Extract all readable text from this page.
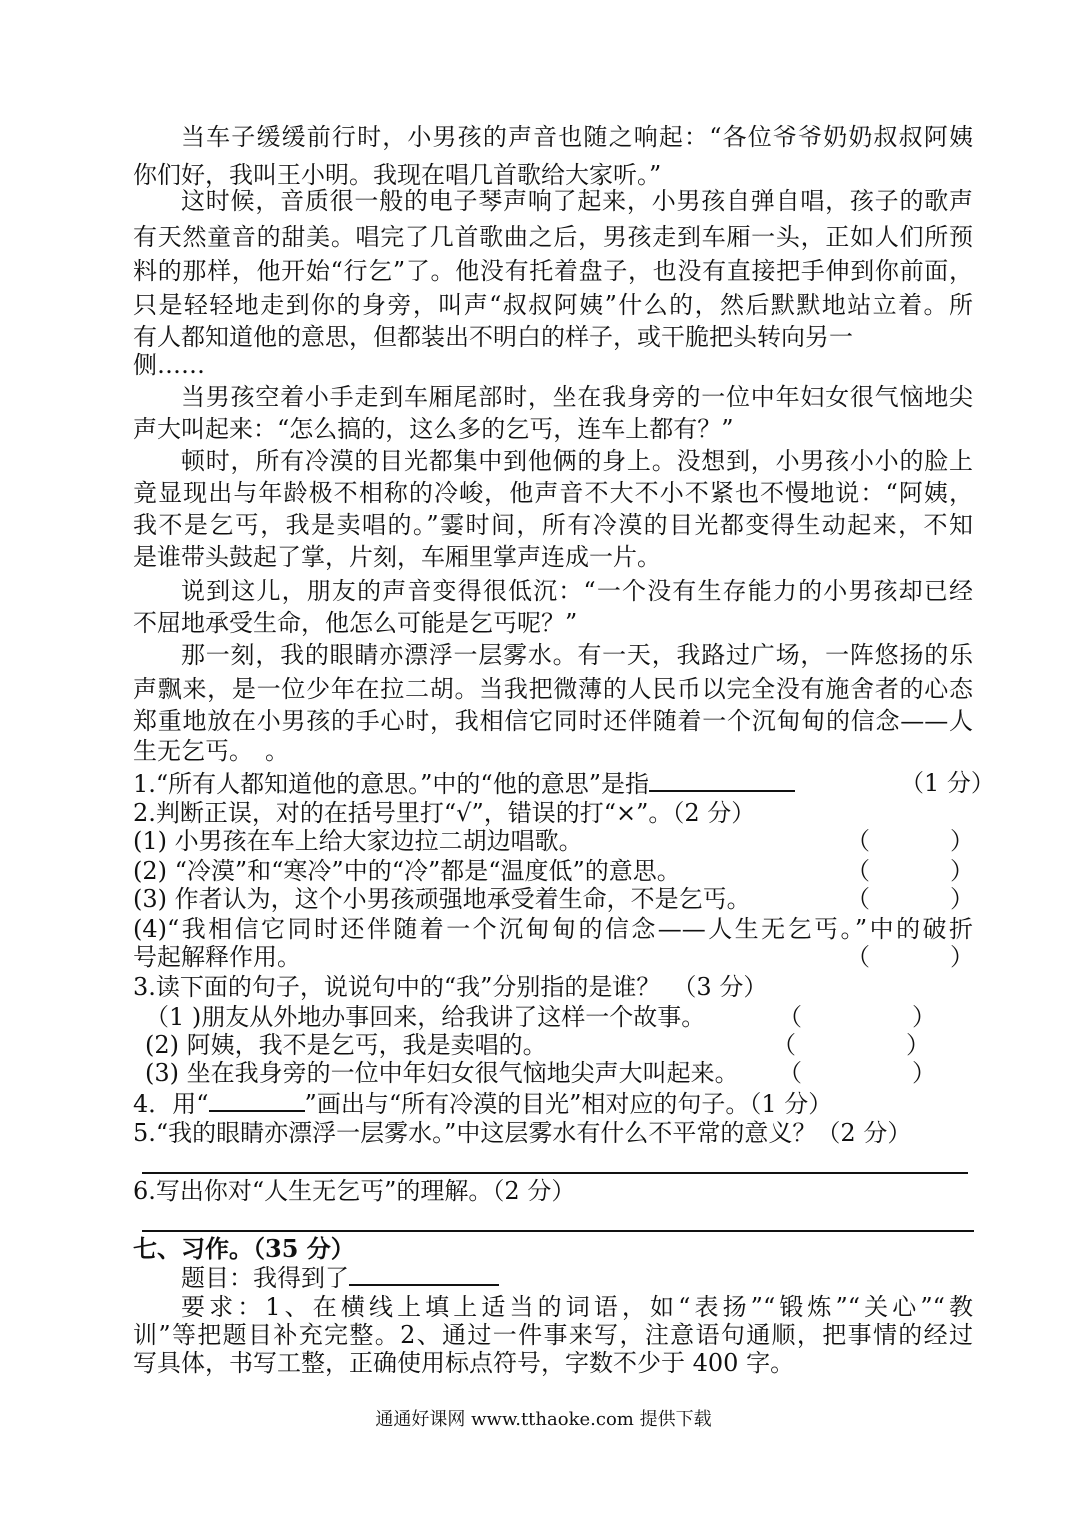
当车子缓缓前行时，小男孩的声音也随之响起：“各位爷爷奶奶叔叔阿姨
你们好，我叫王小明。我现在唱几首歌给大家听。”
这时候，音质很一般的电子琴声响了起来，小男孩自弹自唱，孩子的歌声
有天然童音的甜美。唱完了几首歌曲之后，男孩走到车厢一头，正如人们所预
料的那样，他开始“行乞”了。他没有托着盘子，也没有直接把手伸到你前面，
只是轻轻地走到你的身旁，叫声“叔叔阿姨”什么的，然后默默地站立着。所
有人都知道他的意思，但都装出不明白的样子，或干脆把头转向另一
侧……
当男孩空着小手走到车厢尾部时，坐在我身旁的一位中年妇女很气恼地尖
声大叫起来：“怎么搞的，这么多的乞丐，连车上都有？”
顿时，所有冷漠的目光都集中到他俩的身上。没想到，小男孩小小的脸上
竟显现出与年龄极不相称的冷峻，他声音不大不小不紧也不慢地说：“阿姨，
我不是乞丐，我是卖唱的。”霎时间，所有冷漠的目光都变得生动起来，不知
是谁带头鼓起了掌，片刻，车厢里掌声连成一片。
说到这儿，朋友的声音变得很低沉：“一个没有生存能力的小男孩却已经
不屈地承受生命，他怎么可能是乞丐呢？”
那一刻，我的眼睛亦漂浮一层雾水。有一天，我路过广场，一阵悠扬的乐
声飘来，是一位少年在拉二胡。当我把微薄的人民币以完全没有施舍者的心态
郑重地放在小男孩的手心时，我相信它同时还伴随着一个沉甸甸的信念——人
生无乞丐。　。
1.“所有人都知道他的意思。”中的“他的意思”是指	（1 分）
2.判断正误，对的在括号里打“√”，错误的打“×”。（2 分）
(1) 小男孩在车上给大家边拉二胡边唱歌。	（	）
(2) “冷漠”和“寒冷”中的“冷”都是“温度低”的意思。	（	）
(3) 作者认为，这个小男孩顽强地承受着生命，不是乞丐。	（	）
(4)“我相信它同时还伴随着一个沉甸甸的信念——人生无乞丐。”中的破折
号起解释作用。	（	）
3.读下面的句子，说说句中的“我”分别指的是谁？　（3 分）
（1 )朋友从外地办事回来，给我讲了这样一个故事。	（	）
(2) 阿姨，我不是乞丐，我是卖唱的。	（	）
(3) 坐在我身旁的一位中年妇女很气恼地尖声大叫起来。	（	）
4．用“	”画出与“所有冷漠的目光”相对应的句子。（1 分）
5.“我的眼睛亦漂浮一层雾水。”中这层雾水有什么不平常的意义？（2 分）
6.写出你对“人生无乞丐”的理解。（2 分）
七、习作。（35 分）
题目：我得到了
要求：1、在横线上填上适当的词语，如“表扬”“锻炼”“关心”“教
训”等把题目补充完整。2、通过一件事来写，注意语句通顺，把事情的经过
写具体，书写工整，正确使用标点符号，字数不少于 400 字。
通通好课网 www.tthaoke.com 提供下载
